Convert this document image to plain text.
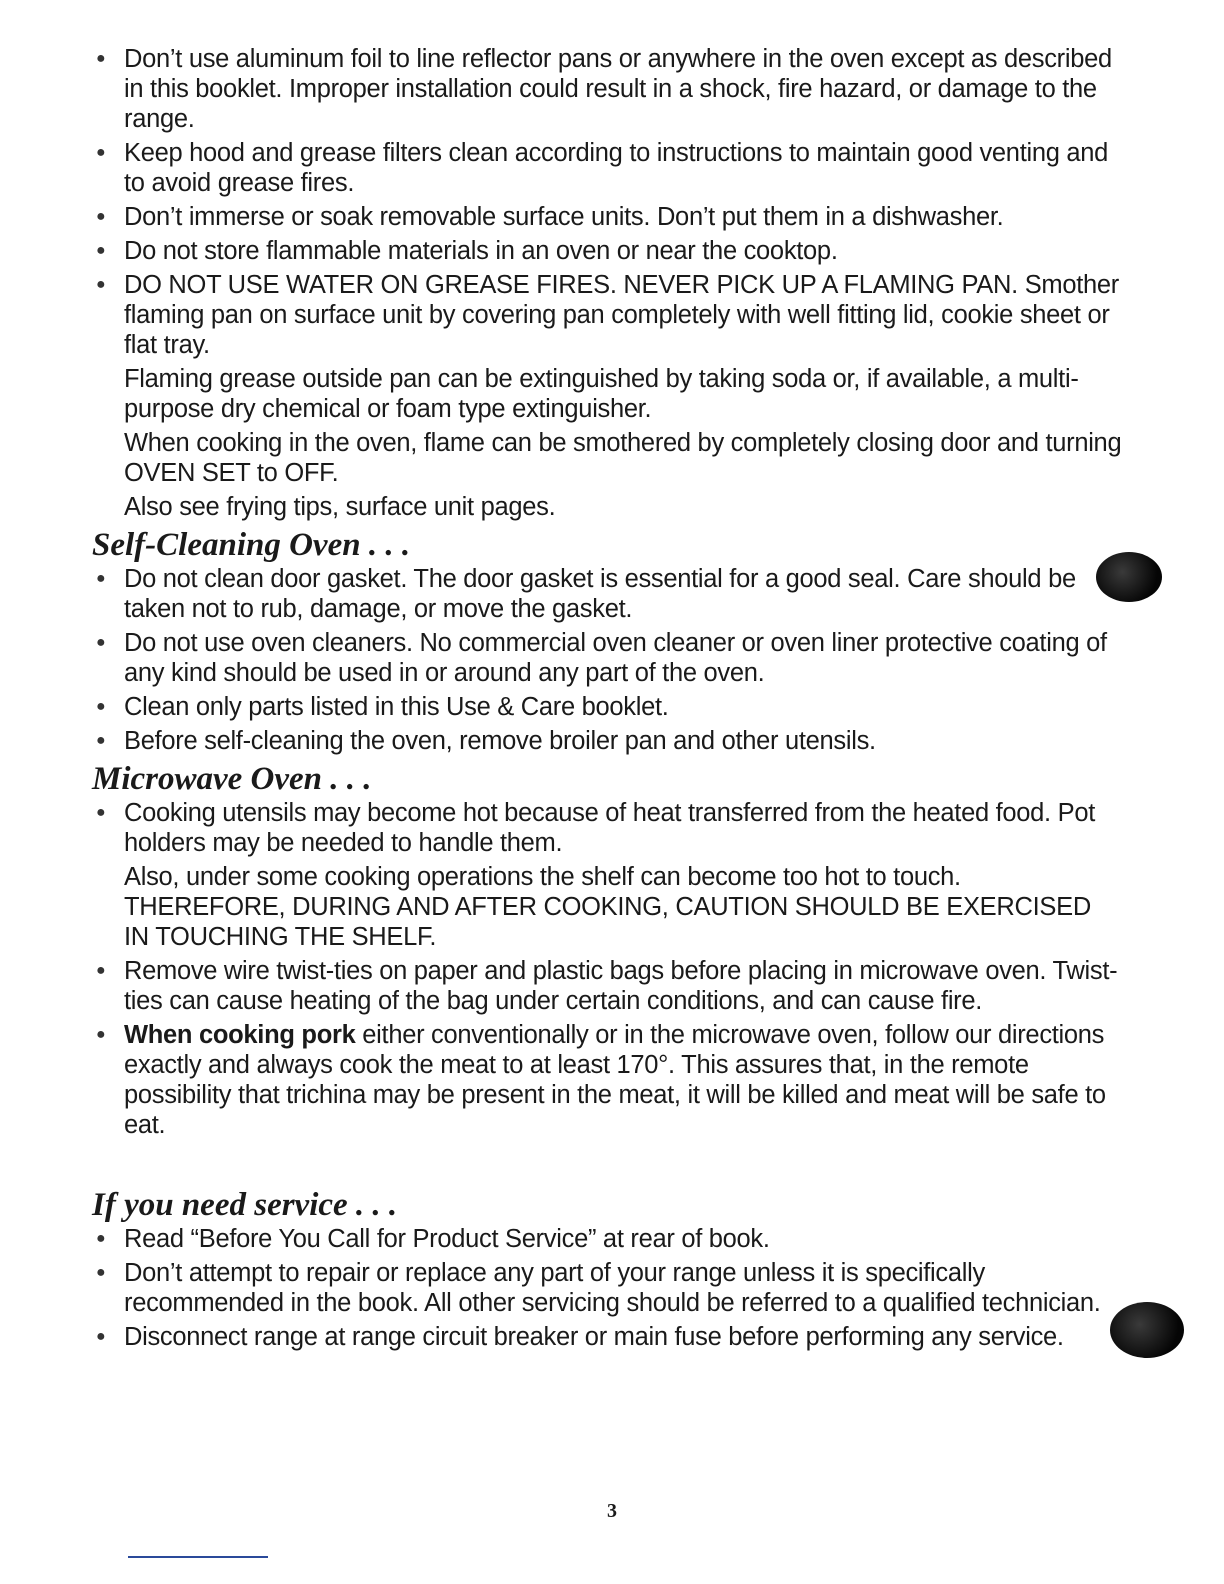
● Don’t use aluminum foil to line reflector pans or anywhere in the oven except as described in this booklet. Improper installation could result in a shock, fire hazard, or damage to the range.

● Keep hood and grease filters clean according to instructions to maintain good venting and to avoid grease fires.

● Don’t immerse or soak removable surface units. Don’t put them in a dishwasher.

● Do not store flammable materials in an oven or near the cooktop.

● DO NOT USE WATER ON GREASE FIRES. NEVER PICK UP A FLAMING PAN. Smother flaming pan on surface unit by covering pan completely with well fitting lid, cookie sheet or flat tray.

Flaming grease outside pan can be extinguished by taking soda or, if available, a multi-purpose dry chemical or foam type extinguisher.

When cooking in the oven, flame can be smothered by completely closing door and turning OVEN SET to OFF.

Also see frying tips, surface unit pages.

Self-Cleaning Oven . . .

● Do not clean door gasket. The door gasket is essential for a good seal. Care should be taken not to rub, damage, or move the gasket.

● Do not use oven cleaners. No commercial oven cleaner or oven liner protective coating of any kind should be used in or around any part of the oven.

● Clean only parts listed in this Use & Care booklet.

● Before self-cleaning the oven, remove broiler pan and other utensils.

Microwave Oven . . .

● Cooking utensils may become hot because of heat transferred from the heated food. Pot holders may be needed to handle them.

Also, under some cooking operations the shelf can become too hot to touch. THEREFORE, DURING AND AFTER COOKING, CAUTION SHOULD BE EXERCISED IN TOUCHING THE SHELF.

● Remove wire twist-ties on paper and plastic bags before placing in microwave oven. Twist-ties can cause heating of the bag under certain conditions, and can cause fire.

● When cooking pork either conventionally or in the microwave oven, follow our directions exactly and always cook the meat to at least 170°. This assures that, in the remote possibility that trichina may be present in the meat, it will be killed and meat will be safe to eat.

If you need service . . .

● Read “Before You Call for Product Service” at rear of book.

● Don’t attempt to repair or replace any part of your range unless it is specifically recommended in the book. All other servicing should be referred to a qualified technician.

● Disconnect range at range circuit breaker or main fuse before performing any service.

3
